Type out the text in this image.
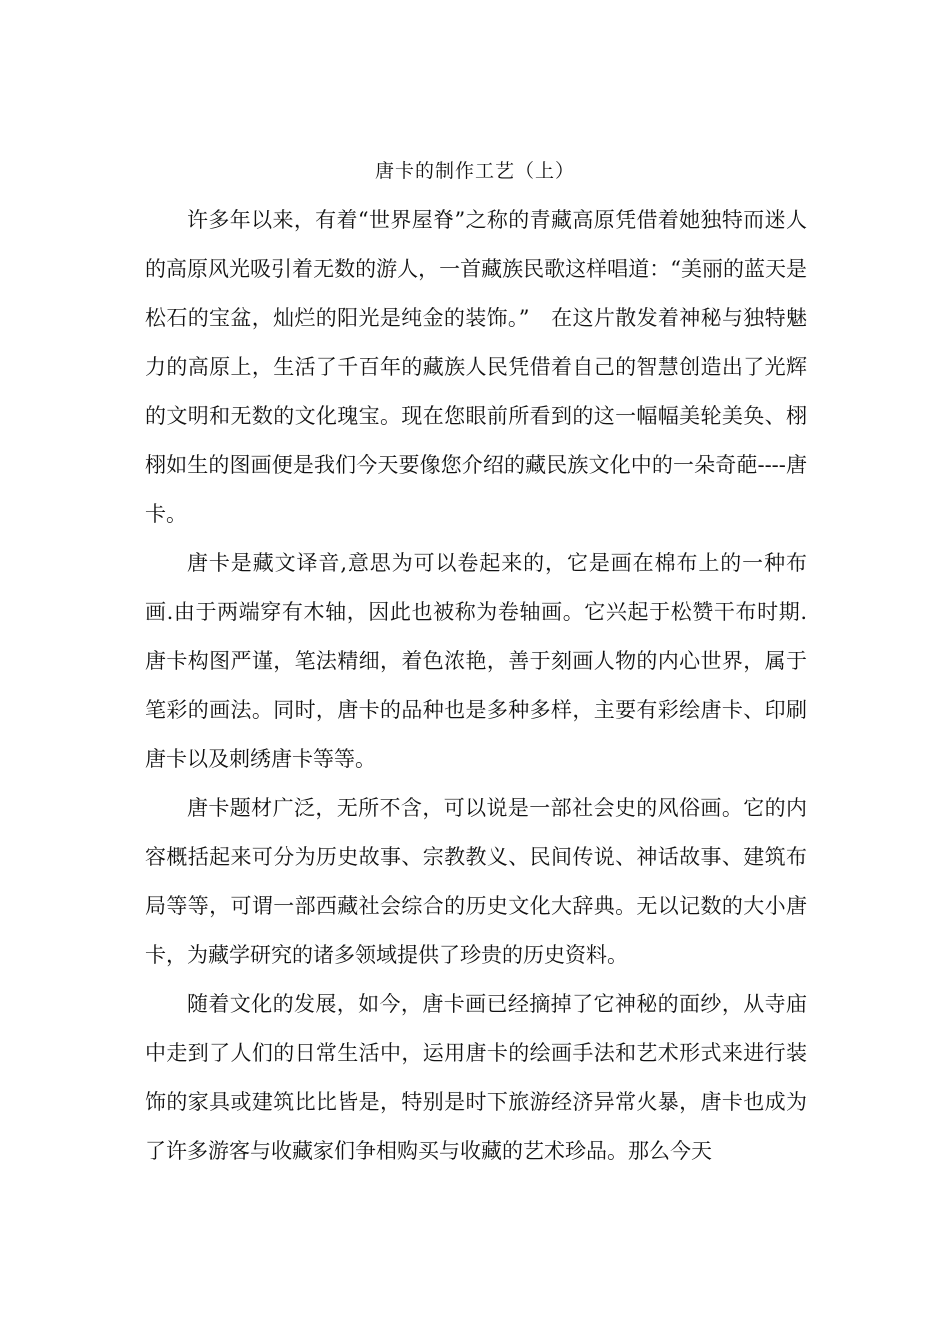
唐卡的制作工艺（上）

许多年以来，有着“世界屋脊”之称的青藏高原凭借着她独特而迷人的高原风光吸引着无数的游人，一首藏族民歌这样唱道：“美丽的蓝天是松石的宝盆，灿烂的阳光是纯金的装饰。”　在这片散发着神秘与独特魅力的高原上，生活了千百年的藏族人民凭借着自己的智慧创造出了光辉的文明和无数的文化瑰宝。现在您眼前所看到的这一幅幅美轮美奂、栩栩如生的图画便是我们今天要像您介绍的藏民族文化中的一朵奇葩----唐卡。

唐卡是藏文译音,意思为可以卷起来的，它是画在棉布上的一种布画.由于两端穿有木轴，因此也被称为卷轴画。它兴起于松赞干布时期.唐卡构图严谨，笔法精细，着色浓艳，善于刻画人物的内心世界，属于笔彩的画法。同时，唐卡的品种也是多种多样，主要有彩绘唐卡、印刷唐卡以及刺绣唐卡等等。

唐卡题材广泛，无所不含，可以说是一部社会史的风俗画。它的内容概括起来可分为历史故事、宗教教义、民间传说、神话故事、建筑布局等等，可谓一部西藏社会综合的历史文化大辞典。无以记数的大小唐卡，为藏学研究的诸多领域提供了珍贵的历史资料。

随着文化的发展，如今，唐卡画已经摘掉了它神秘的面纱，从寺庙中走到了人们的日常生活中，运用唐卡的绘画手法和艺术形式来进行装饰的家具或建筑比比皆是，特别是时下旅游经济异常火暴，唐卡也成为了许多游客与收藏家们争相购买与收藏的艺术珍品。那么今天
